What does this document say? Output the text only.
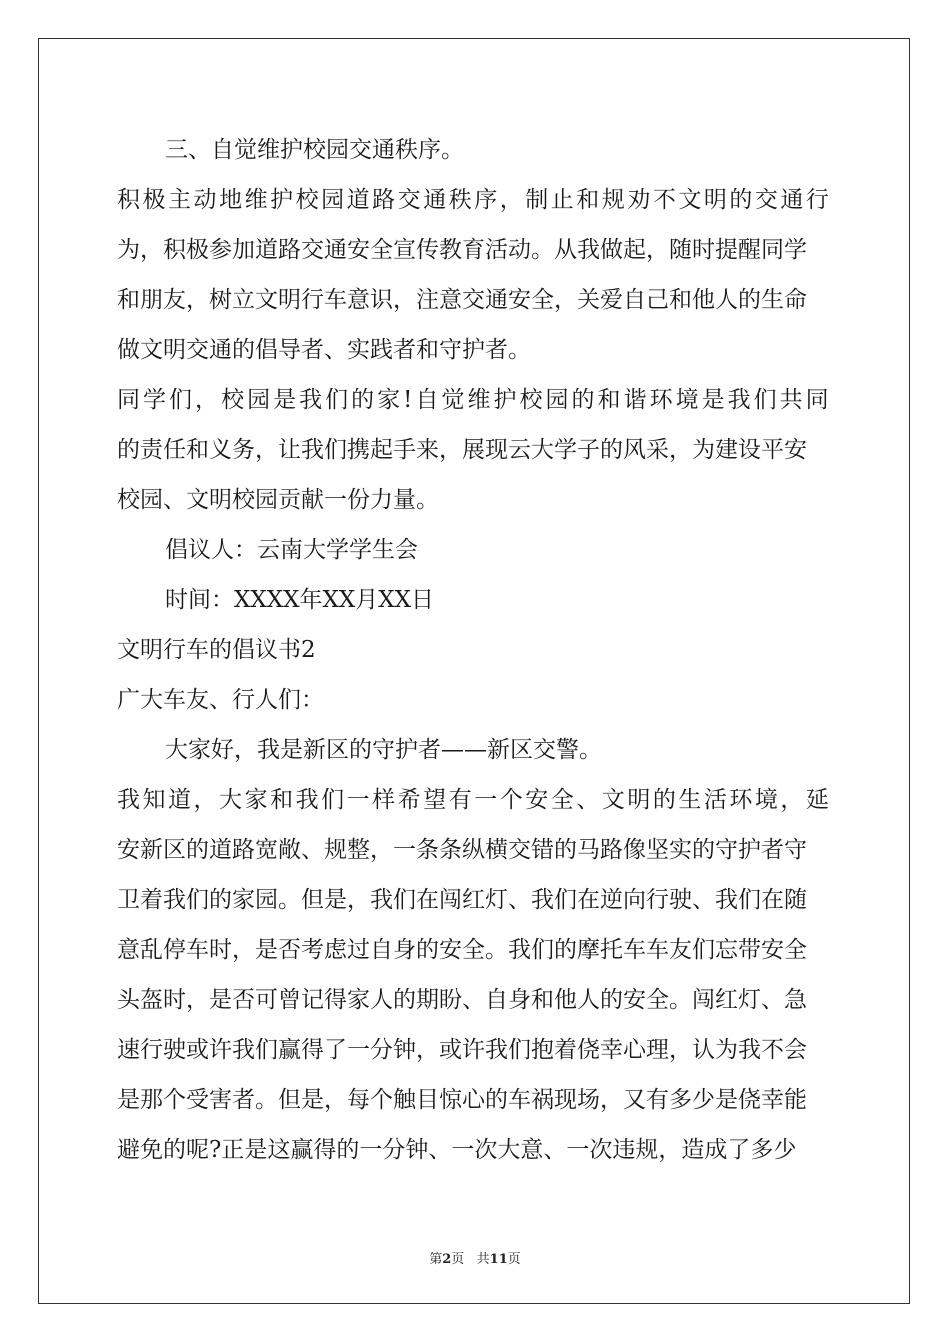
三、自觉维护校园交通秩序。
积 极 主 动 地 维 护 校 园 道 路 交 通 秩 序 ， 制 止 和 规 劝 不 文 明 的 交 通 行
为，积极参加道路交通安全宣传教育活动。从我做起，随时提醒同学
和朋友，树立文明行车意识，注意交通安全，关爱自己和他人的生命
做文明交通的倡导者、实践者和守护者。
同 学 们 ， 校 园 是 我 们 的 家 ! 自 觉 维 护 校 园 的 和 谐 环 境 是 我 们 共 同
的责任和义务，让我们携起手来，展现云大学子的风采，为建设平安
校园、文明校园贡献一份力量。
倡议人：云南大学学生会
时间：XXXX年XX月XX日
文明行车的倡议书2
广大车友、行人们：
大家好，我是新区的守护者——新区交警。
我 知 道 ， 大 家 和 我 们 一 样 希 望 有 一 个 安 全 、 文 明 的 生 活 环 境 ， 延
安新区的道路宽敞、规整，一条条纵横交错的马路像坚实的守护者守
卫着我们的家园。但是，我们在闯红灯、我们在逆向行驶、我们在随
意乱停车时，是否考虑过自身的安全。我们的摩托车车友们忘带安全
头盔时，是否可曾记得家人的期盼、自身和他人的安全。闯红灯、急
速行驶或许我们赢得了一分钟，或许我们抱着侥幸心理，认为我不会
是那个受害者。但是，每个触目惊心的车祸现场，又有多少是侥幸能
避免的呢?正是这赢得的一分钟、一次大意、一次违规，造成了多少
第2页   共11页
